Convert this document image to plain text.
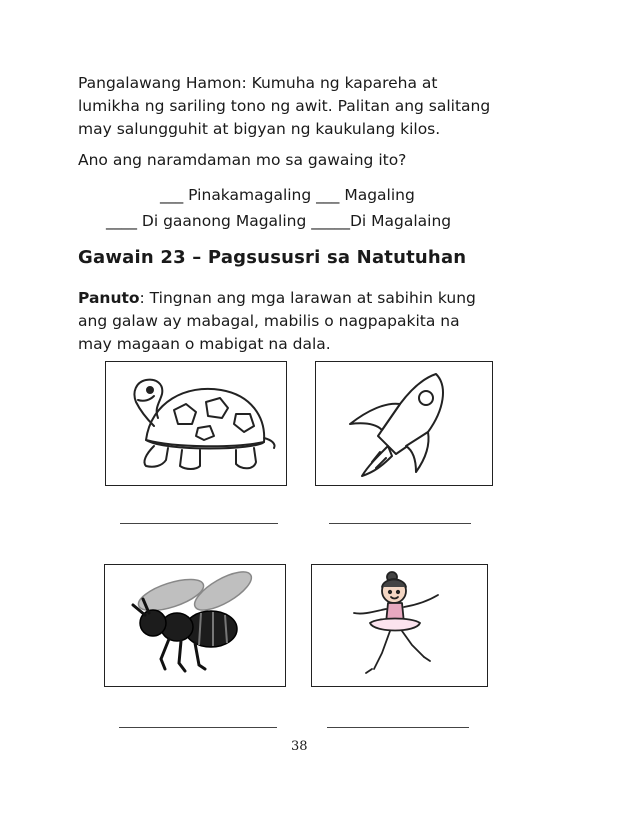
Pangalawang Hamon: Kumuha ng kapareha at
lumikha ng sariling tono ng awit. Palitan ang salitang
may salungguhit at bigyan ng kaukulang kilos.
Ano ang naramdaman mo sa gawaing ito?
___ Pinakamagaling ___ Magaling
____ Di gaanong Magaling _____Di Magalaing
Gawain 23 – Pagsususri sa Natutuhan
Panuto: Tingnan ang mga larawan at sabihin kung
ang galaw ay mabagal, mabilis o nagpapakita na
may magaan o mabigat na dala.
38
